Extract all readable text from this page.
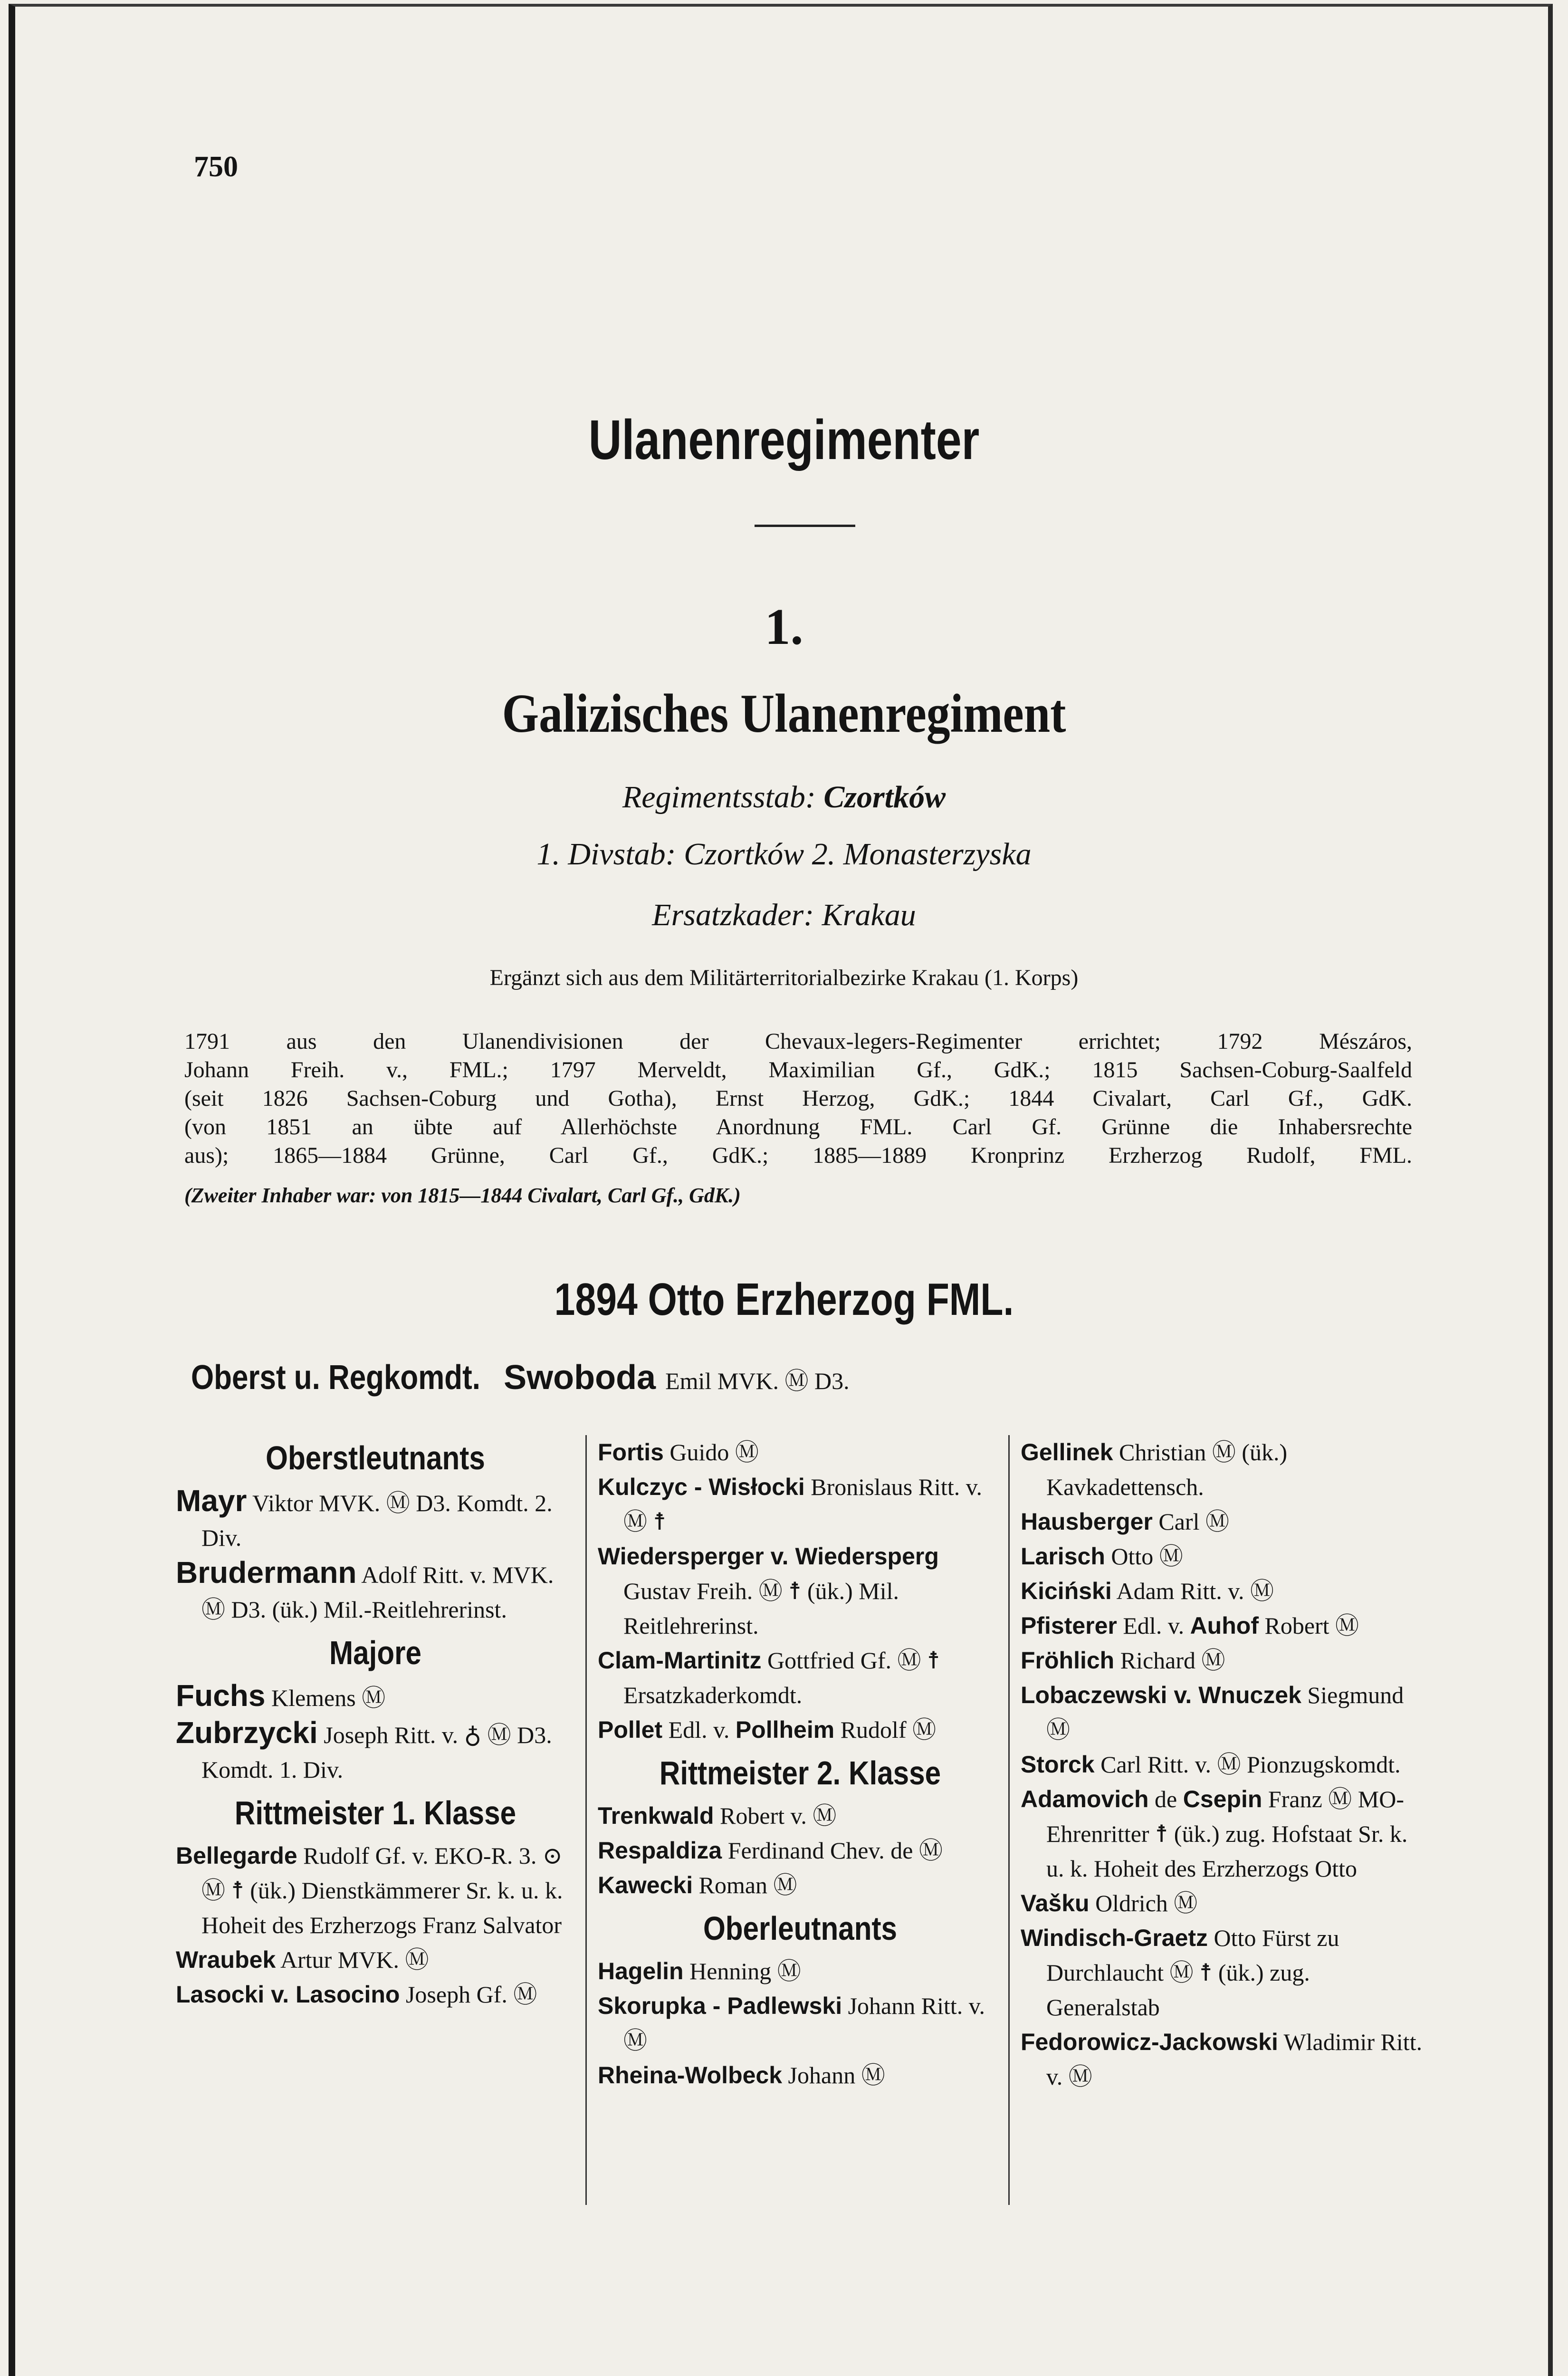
750
Ulanenregimenter
1.
Galizisches Ulanenregiment
Regimentsstab: Czortków
1. Divstab: Czortków 2. Monasterzyska
Ersatzkader: Krakau
Ergänzt sich aus dem Militärterritorialbezirke Krakau (1. Korps)
1791 aus den Ulanendivisionen der Chevaux-legers-Regimenter errichtet; 1792 Mészáros,
Johann Freih. v., FML.; 1797 Merveldt, Maximilian Gf., GdK.; 1815 Sachsen-Coburg-Saalfeld
(seit 1826 Sachsen-Coburg und Gotha), Ernst Herzog, GdK.; 1844 Civalart, Carl Gf., GdK.
(von 1851 an übte auf Allerhöchste Anordnung FML. Carl Gf. Grünne die Inhabersrechte
aus); 1865—1884 Grünne, Carl Gf., GdK.; 1885—1889 Kronprinz Erzherzog Rudolf, FML.
(Zweiter Inhaber war: von 1815—1844 Civalart, Carl Gf., GdK.)
1894 Otto Erzherzog FML.
Oberst u. Regkomdt. Swoboda Emil MVK. Ⓜ D3.
Oberstleutnants
Mayr Viktor MVK. Ⓜ D3. Komdt. 2. Div.
Brudermann Adolf Ritt. v. MVK. Ⓜ D3. (ük.) Mil.-Reitlehrerinst.
Majore
Fuchs Klemens Ⓜ
Zubrzycki Joseph Ritt. v. ♁ Ⓜ D3. Komdt. 1. Div.
Rittmeister 1. Klasse
Bellegarde Rudolf Gf. v. EKO-R. 3. ⊙ Ⓜ ☨ (ük.) Dienstkämmerer Sr. k. u. k. Hoheit des Erzherzogs Franz Salvator
Wraubek Artur MVK. Ⓜ
Lasocki v. Lasocino Joseph Gf. Ⓜ
Fortis Guido Ⓜ
Kulczyc - Wisłocki Bronislaus Ritt. v. Ⓜ ☨
Wiedersperger v. Wiedersperg Gustav Freih. Ⓜ ☨ (ük.) Mil. Reitlehrerinst.
Clam-Martinitz Gottfried Gf. Ⓜ ☨ Ersatzkaderkomdt.
Pollet Edl. v. Pollheim Rudolf Ⓜ
Rittmeister 2. Klasse
Trenkwald Robert v. Ⓜ
Respaldiza Ferdinand Chev. de Ⓜ
Kawecki Roman Ⓜ
Oberleutnants
Hagelin Henning Ⓜ
Skorupka - Padlewski Johann Ritt. v. Ⓜ
Rheina-Wolbeck Johann Ⓜ
Gellinek Christian Ⓜ (ük.) Kavkadettensch.
Hausberger Carl Ⓜ
Larisch Otto Ⓜ
Kiciński Adam Ritt. v. Ⓜ
Pfisterer Edl. v. Auhof Robert Ⓜ
Fröhlich Richard Ⓜ
Lobaczewski v. Wnuczek Siegmund Ⓜ
Storck Carl Ritt. v. Ⓜ Pionzugskomdt.
Adamovich de Csepin Franz Ⓜ MO-Ehrenritter ☨ (ük.) zug. Hofstaat Sr. k. u. k. Hoheit des Erzherzogs Otto
Vašku Oldrich Ⓜ
Windisch-Graetz Otto Fürst zu Durchlaucht Ⓜ ☨ (ük.) zug. Generalstab
Fedorowicz-Jackowski Wladimir Ritt. v. Ⓜ
